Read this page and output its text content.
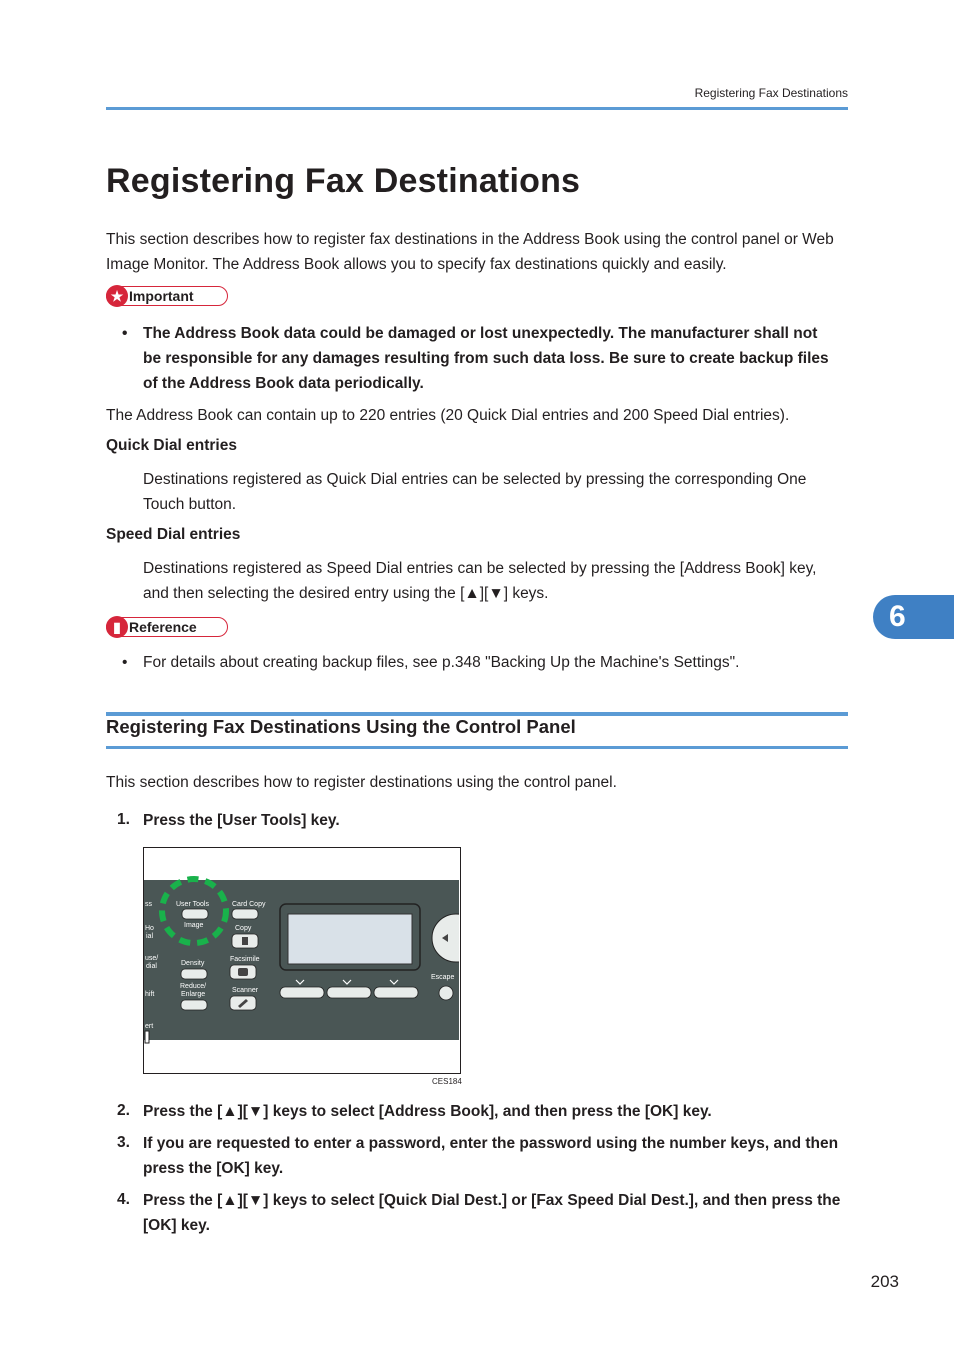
Registering Fax Destinations
Registering Fax Destinations

This section describes how to register fax destinations in the Address Book using the control panel or Web Image Monitor. The Address Book allows you to specify fax destinations quickly and easily.

★ Important
• The Address Book data could be damaged or lost unexpectedly. The manufacturer shall not be responsible for any damages resulting from such data loss. Be sure to create backup files of the Address Book data periodically.

The Address Book can contain up to 220 entries (20 Quick Dial entries and 200 Speed Dial entries).

Quick Dial entries
Destinations registered as Quick Dial entries can be selected by pressing the corresponding One Touch button.
Speed Dial entries
Destinations registered as Speed Dial entries can be selected by pressing the [Address Book] key, and then selecting the desired entry using the [▲][▼] keys.
▮ Reference
• For details about creating backup files, see p.348 "Backing Up the Machine's Settings".
Registering Fax Destinations Using the Control Panel

This section describes how to register destinations using the control panel.

1. Press the [User Tools] key.
ss
Ho
ial
use/
dial
hift
ert
User Tools
Image
Card Copy
Copy
Density
Facsimile
Reduce/
Enlarge
Scanner
Escape
CES184
2. Press the [▲][▼] keys to select [Address Book], and then press the [OK] key.
3. If you are requested to enter a password, enter the password using the number keys, and then press the [OK] key.
4. Press the [▲][▼] keys to select [Quick Dial Dest.] or [Fax Speed Dial Dest.], and then press the [OK] key.
6
203
